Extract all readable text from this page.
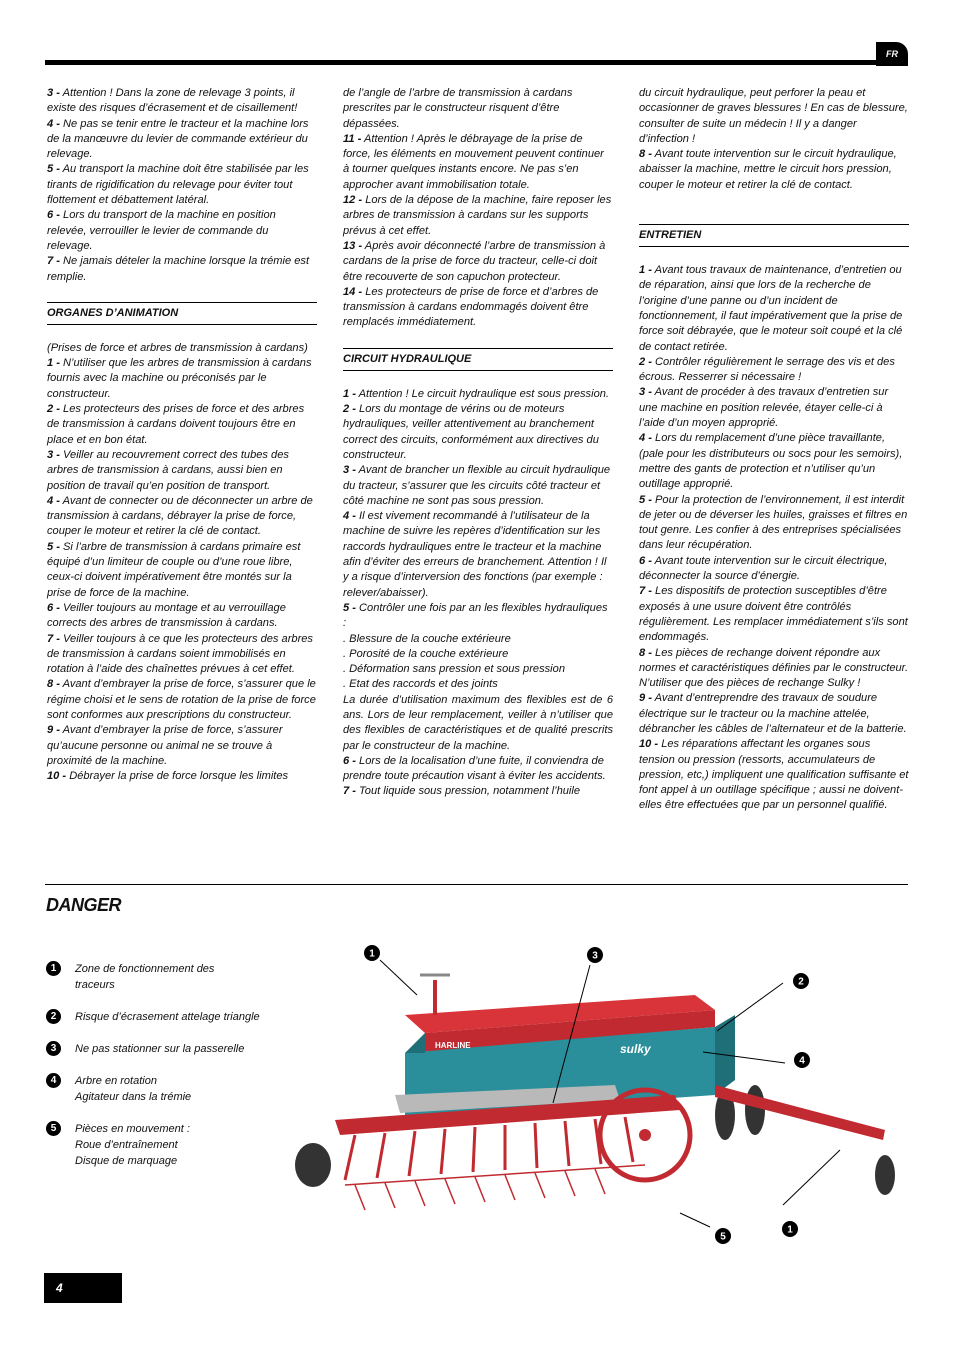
FR

3 - Attention ! Dans la zone de relevage 3 points, il existe des risques d’écrasement et de cisaillement!

4 - Ne pas se tenir entre le tracteur et la machine lors de la manœuvre du levier de commande extérieur du relevage.

5 - Au transport la machine doit être stabilisée par les tirants de rigidification du relevage pour éviter tout flottement et débattement latéral.

6 - Lors du transport de la machine en position relevée, verrouiller le levier de commande du relevage.

7 - Ne jamais dételer la machine lorsque la trémie est remplie.

ORGANES D’ANIMATION

(Prises de force et arbres de transmission à cardans)

1 - N’utiliser que les arbres de transmission à cardans fournis avec la machine ou préconisés par le constructeur.

2 - Les protecteurs des prises de force et des arbres de transmission à cardans doivent toujours être en place et en bon état.

3 - Veiller au recouvrement correct des tubes des arbres de transmission à cardans, aussi bien en position de travail qu’en position de transport.

4 - Avant de connecter ou de déconnecter un arbre de transmission à cardans, débrayer la prise de force, couper le moteur et retirer la clé de contact.

5 - Si l’arbre de transmission à cardans primaire est équipé d’un limiteur de couple ou d’une roue libre, ceux-ci doivent impérativement être montés sur la prise de force de la machine.

6 - Veiller toujours au montage et au verrouillage corrects des arbres de transmission à cardans.

7 - Veiller toujours à ce que les protecteurs des arbres de transmission à cardans soient immobilisés en rotation à l’aide des chaînettes prévues à cet effet.

8 - Avant d’embrayer la prise de force, s’assurer que le régime choisi et le sens de rotation de la prise de force sont conformes aux prescriptions du constructeur.

9 - Avant d’embrayer la prise de force, s’assurer qu’aucune personne ou animal ne se trouve à proximité de la machine.

10 - Débrayer la prise de force lorsque les limites

de l’angle de l’arbre de transmission à cardans prescrites par le constructeur risquent d’être dépassées.

11 - Attention ! Après le débrayage de la prise de force, les éléments en mouvement peuvent continuer à tourner quelques instants encore. Ne pas s’en approcher avant immobilisation totale.

12 - Lors de la dépose de la machine, faire reposer les arbres de transmission à cardans sur les supports prévus à cet effet.

13 - Après avoir déconnecté l’arbre de transmission à cardans de la prise de force du tracteur, celle-ci doit être recouverte de son capuchon protecteur.

14 - Les protecteurs de prise de force et d’arbres de transmission à cardans endommagés doivent être remplacés immédiatement.

CIRCUIT HYDRAULIQUE

1 - Attention ! Le circuit hydraulique est sous pression.

2 - Lors du montage de vérins ou de moteurs hydrauliques, veiller attentivement au branchement correct des circuits, conformément aux directives du constructeur.

3 - Avant de brancher un flexible au circuit hydraulique du tracteur, s’assurer que les circuits côté tracteur et côté machine ne sont pas sous pression.

4 - Il est vivement recommandé à l’utilisateur de la machine de suivre les repères d’identification sur les raccords hydrauliques entre le tracteur et la machine afin d’éviter des erreurs de branchement. Attention ! Il y a risque d’interversion des fonctions (par exemple : relever/abaisser).

5 - Contrôler une fois par an les flexibles hydrauliques :

. Blessure de la couche extérieure

. Porosité de la couche extérieure

. Déformation sans pression et sous pression

. Etat des raccords et des joints

La durée d’utilisation maximum des flexibles est de 6 ans. Lors de leur remplacement, veiller à n’utiliser que des flexibles de caractéristiques et de qualité prescrits par le constructeur de la machine.

6 - Lors de la localisation d’une fuite, il conviendra de prendre toute précaution visant à éviter les accidents.

7 - Tout liquide sous pression, notamment l’huile

du circuit hydraulique, peut perforer la peau et occasionner de graves blessures ! En cas de blessure, consulter de suite un médecin ! Il y a danger d’infection !

8 - Avant toute intervention sur le circuit hydraulique, abaisser la machine, mettre le circuit hors pression, couper le moteur et retirer la clé de contact.

ENTRETIEN

1 - Avant tous travaux de maintenance, d’entretien ou de réparation, ainsi que lors de la recherche de l’origine d’une panne ou d’un incident de fonctionnement, il faut impérativement que la prise de force soit débrayée, que le moteur soit coupé et la clé de contact retirée.

2 - Contrôler régulièrement le serrage des vis et des écrous. Resserrer si nécessaire !

3 - Avant de procéder à des travaux d’entretien sur une machine en position relevée, étayer celle-ci à l’aide d’un moyen approprié.

4 - Lors du remplacement d’une pièce travaillante, (pale pour les distributeurs ou socs pour les semoirs), mettre des gants de protection et n’utiliser qu’un outillage approprié.

5 - Pour la protection de l’environnement, il est interdit de jeter ou de déverser les huiles, graisses et filtres en tout genre. Les confier à des entreprises spécialisées dans leur récupération.

6 - Avant toute intervention sur le circuit électrique, déconnecter la source d’énergie.

7 - Les dispositifs de protection susceptibles d’être exposés à une usure doivent être contrôlés régulièrement. Les remplacer immédiatement s’ils sont endommagés.

8 - Les pièces de rechange doivent répondre aux normes et caractéristiques définies par le constructeur. N’utiliser que des pièces de rechange Sulky !

9 - Avant d’entreprendre des travaux de soudure électrique sur le tracteur ou la machine attelée, débrancher les câbles de l’alternateur et de la batterie.

10 - Les réparations affectant les organes sous tension ou pression (ressorts, accumulateurs de pression, etc,) impliquent une qualification suffisante et font appel à un outillage spécifique ; aussi ne doivent-elles être effectuées que par un personnel qualifié.

DANGER
1	Zone de fonctionnement des
traceurs
2	Risque d’écrasement attelage triangle
3	Ne pas stationner sur la passerelle
4	Arbre en rotation
Agitateur dans la trémie
5	Pièces en mouvement :
Roue d’entraînement
Disque de marquage
HARLINE	sulky
1	3
2
4
1
5
4
